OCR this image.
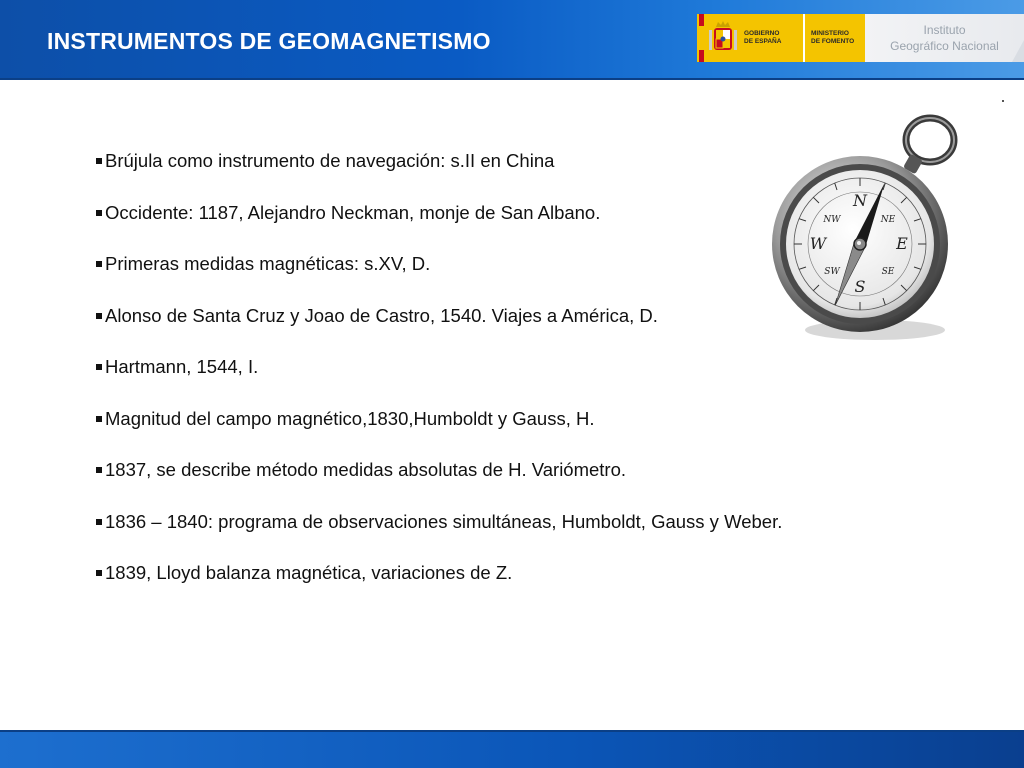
INSTRUMENTOS DE GEOMAGNETISMO	GOBIERNO
DE ESPAÑA
MINISTERIO
DE FOMENTO
Instituto
Geográfico Nacional
Brújula como instrumento de navegación: s.II en China
Occidente: 1187, Alejandro Neckman, monje de San Albano.
Primeras medidas magnéticas: s.XV, D.
Alonso de Santa Cruz y Joao de Castro, 1540. Viajes a América, D.
Hartmann, 1544, I.
Magnitud del campo magnético,1830,Humboldt y Gauss, H.
1837, se describe método medidas absolutas de H. Variómetro.
1836 – 1840: programa de observaciones simultáneas, Humboldt, Gauss y Weber.
1839, Lloyd balanza magnética, variaciones de Z.
N
E
S
W
NW	NE
SE
SW
